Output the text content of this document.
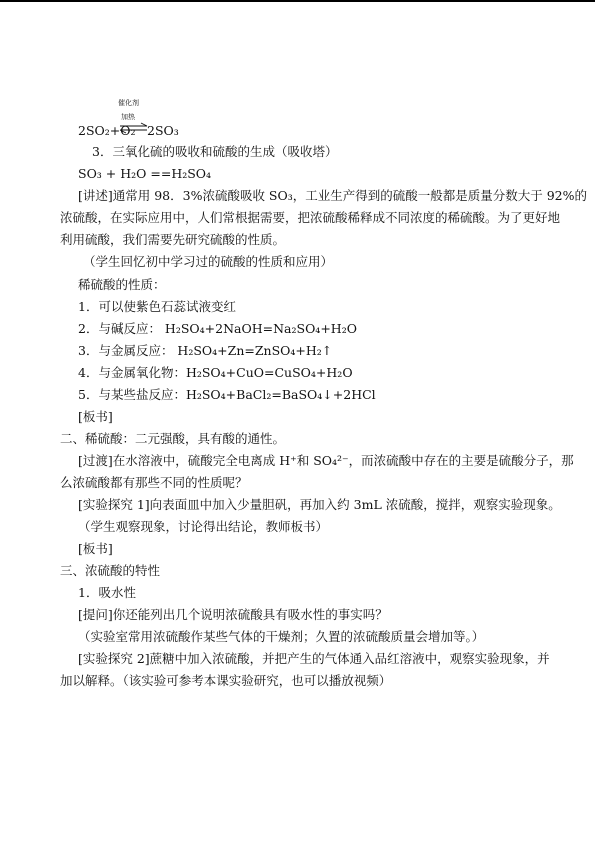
催化剂
加热
2SO₂+O₂ 2SO₃
3．三氧化硫的吸收和硫酸的生成（吸收塔）
SO₃ + H₂O ==H₂SO₄
[讲述]通常用 98．3%浓硫酸吸收 SO₃，工业生产得到的硫酸一般都是质量分数大于 92%的
浓硫酸，在实际应用中，人们常根据需要，把浓硫酸稀释成不同浓度的稀硫酸。为了更好地
利用硫酸，我们需要先研究硫酸的性质。
（学生回忆初中学习过的硫酸的性质和应用）
稀硫酸的性质：
1．可以使紫色石蕊试液变红
2．与碱反应： H₂SO₄+2NaOH=Na₂SO₄+H₂O
3．与金属反应： H₂SO₄+Zn=ZnSO₄+H₂↑
4．与金属氧化物：H₂SO₄+CuO=CuSO₄+H₂O
5．与某些盐反应：H₂SO₄+BaCl₂=BaSO₄↓+2HCl
[板书]
二、稀硫酸：二元强酸，具有酸的通性。
[过渡]在水溶液中，硫酸完全电离成 H⁺和 SO₄²⁻，而浓硫酸中存在的主要是硫酸分子，那
么浓硫酸都有那些不同的性质呢？
[实验探究 1]向表面皿中加入少量胆矾，再加入约 3mL 浓硫酸，搅拌，观察实验现象。
（学生观察现象，讨论得出结论，教师板书）
[板书]
三、浓硫酸的特性
1．吸水性
[提问]你还能列出几个说明浓硫酸具有吸水性的事实吗？
（实验室常用浓硫酸作某些气体的干燥剂；久置的浓硫酸质量会增加等。）
[实验探究 2]蔗糖中加入浓硫酸，并把产生的气体通入品红溶液中，观察实验现象，并
加以解释。（该实验可参考本课实验研究，也可以播放视频）
